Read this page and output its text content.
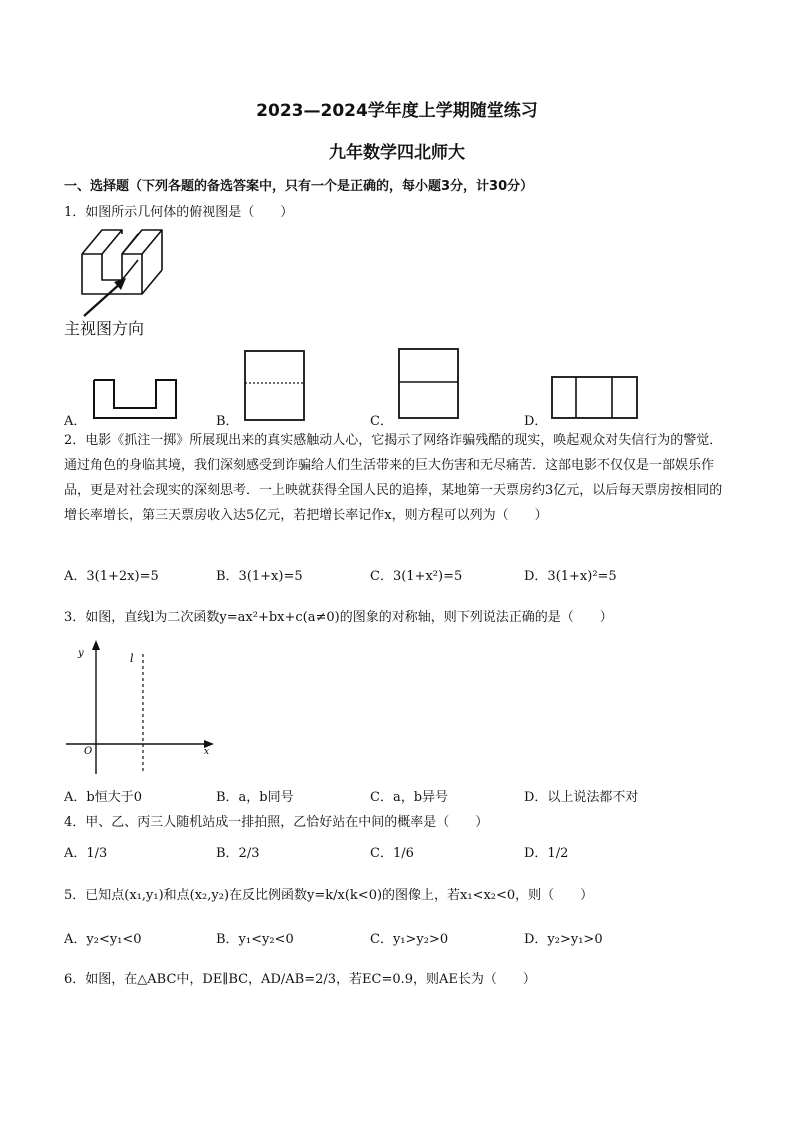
2023—2024学年度上学期随堂练习
九年数学四北师大
一、选择题（下列各题的备选答案中，只有一个是正确的，每小题3分，计30分）
1．如图所示几何体的俯视图是（　　）
主视图方向
A．	B．	C．	D．
2．电影《抓注一掷》所展现出来的真实感触动人心，它揭示了网络诈骗残酷的现实，唤起观众对失信行为的警觉．通过角色的身临其境，我们深刻感受到诈骗给人们生活带来的巨大伤害和无尽痛苦．这部电影不仅仅是一部娱乐作品，更是对社会现实的深刻思考．一上映就获得全国人民的追捧，某地第一天票房约3亿元，以后每天票房按相同的增长率增长，第三天票房收入达5亿元，若把增长率记作x，则方程可以列为（　　）
A．3(1+2x)=5	B．3(1+x)=5	C．3(1+x²)=5	D．3(1+x)²=5
3．如图，直线l为二次函数y=ax²+bx+c(a≠0)的图象的对称轴，则下列说法正确的是（　　）
y
x
O
l
A．b恒大于0	B．a，b同号	C．a，b异号	D．以上说法都不对
4．甲、乙、丙三人随机站成一排拍照，乙恰好站在中间的概率是（　　）
A．1/3	B．2/3	C．1/6	D．1/2
5．已知点(x₁,y₁)和点(x₂,y₂)在反比例函数y=k/x(k<0)的图像上，若x₁<x₂<0，则（　　）
A．y₂<y₁<0	B．y₁<y₂<0	C．y₁>y₂>0	D．y₂>y₁>0
6．如图，在△ABC中，DE∥BC，AD/AB=2/3，若EC=0.9，则AE长为（　　）
